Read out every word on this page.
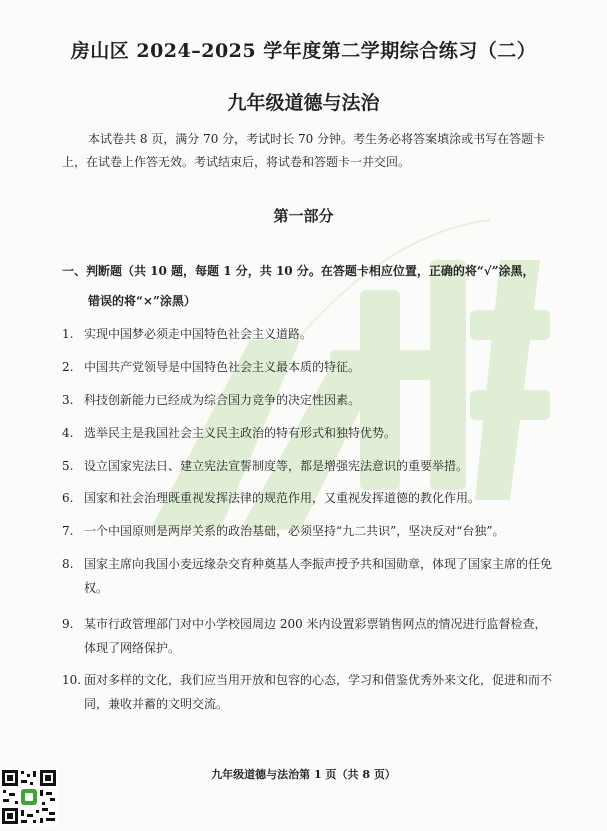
房山区 2024–2025 学年度第二学期综合练习（二）
九年级道德与法治
本试卷共 8 页，满分 70 分，考试时长 70 分钟。考生务必将答案填涂或书写在答题卡上，在试卷上作答无效。考试结束后，将试卷和答题卡一并交回。
第一部分
一、判断题（共 10 题，每题 1 分，共 10 分。在答题卡相应位置，正确的将“√”涂黑，
错误的将“×”涂黑）
1. 实现中国梦必须走中国特色社会主义道路。
2. 中国共产党领导是中国特色社会主义最本质的特征。
3. 科技创新能力已经成为综合国力竞争的决定性因素。
4. 选举民主是我国社会主义民主政治的特有形式和独特优势。
5. 设立国家宪法日、建立宪法宣誓制度等，都是增强宪法意识的重要举措。
6. 国家和社会治理既重视发挥法律的规范作用，又重视发挥道德的教化作用。
7. 一个中国原则是两岸关系的政治基础，必须坚持“九二共识”，坚决反对“台独”。
8. 国家主席向我国小麦远缘杂交育种奠基人李振声授予共和国勋章，体现了国家主席的任免权。
9. 某市行政管理部门对中小学校园周边 200 米内设置彩票销售网点的情况进行监督检查，体现了网络保护。
10. 面对多样的文化，我们应当用开放和包容的心态，学习和借鉴优秀外来文化，促进和而不同，兼收并蓄的文明交流。
九年级道德与法治第 1 页（共 8 页）
